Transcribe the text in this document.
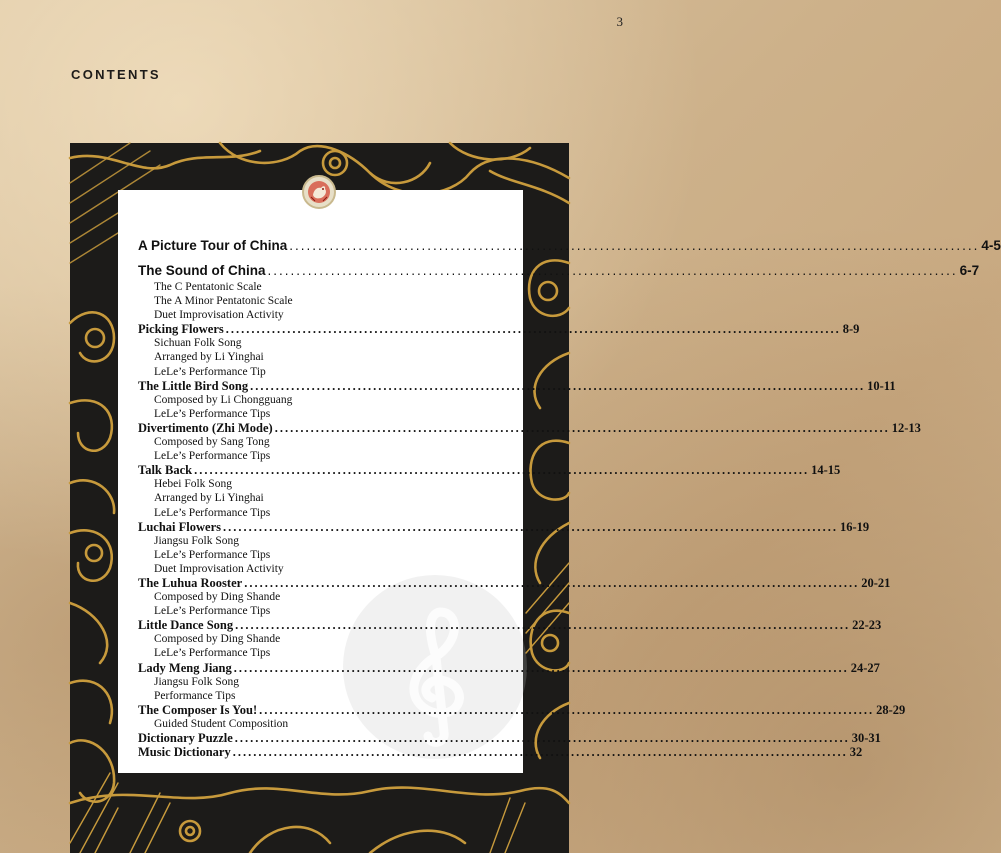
3
CONTENTS
A Picture Tour of China ........................................................................................................................ 4-5
The Sound of China ........................................................................................................................ 6-7
The C Pentatonic Scale
The A Minor Pentatonic Scale
Duet Improvisation Activity
Picking Flowers ........................................................................................................................ 8-9
Sichuan Folk Song
Arranged by Li Yinghai
LeLe’s Performance Tip
The Little Bird Song ........................................................................................................................ 10-11
Composed by Li Chongguang
LeLe’s Performance Tips
Divertimento (Zhi Mode) ........................................................................................................................ 12-13
Composed by Sang Tong
LeLe’s Performance Tips
Talk Back ........................................................................................................................ 14-15
Hebei Folk Song
Arranged by Li Yinghai
LeLe’s Performance Tips
Luchai Flowers ........................................................................................................................ 16-19
Jiangsu Folk Song
LeLe’s Performance Tips
Duet Improvisation Activity
The Luhua Rooster ........................................................................................................................ 20-21
Composed by Ding Shande
LeLe’s Performance Tips
Little Dance Song ........................................................................................................................ 22-23
Composed by Ding Shande
LeLe’s Performance Tips
Lady Meng Jiang ........................................................................................................................ 24-27
Jiangsu Folk Song
Performance Tips
The Composer Is You! ........................................................................................................................ 28-29
Guided Student Composition
Dictionary Puzzle ........................................................................................................................ 30-31
Music Dictionary ........................................................................................................................ 32
